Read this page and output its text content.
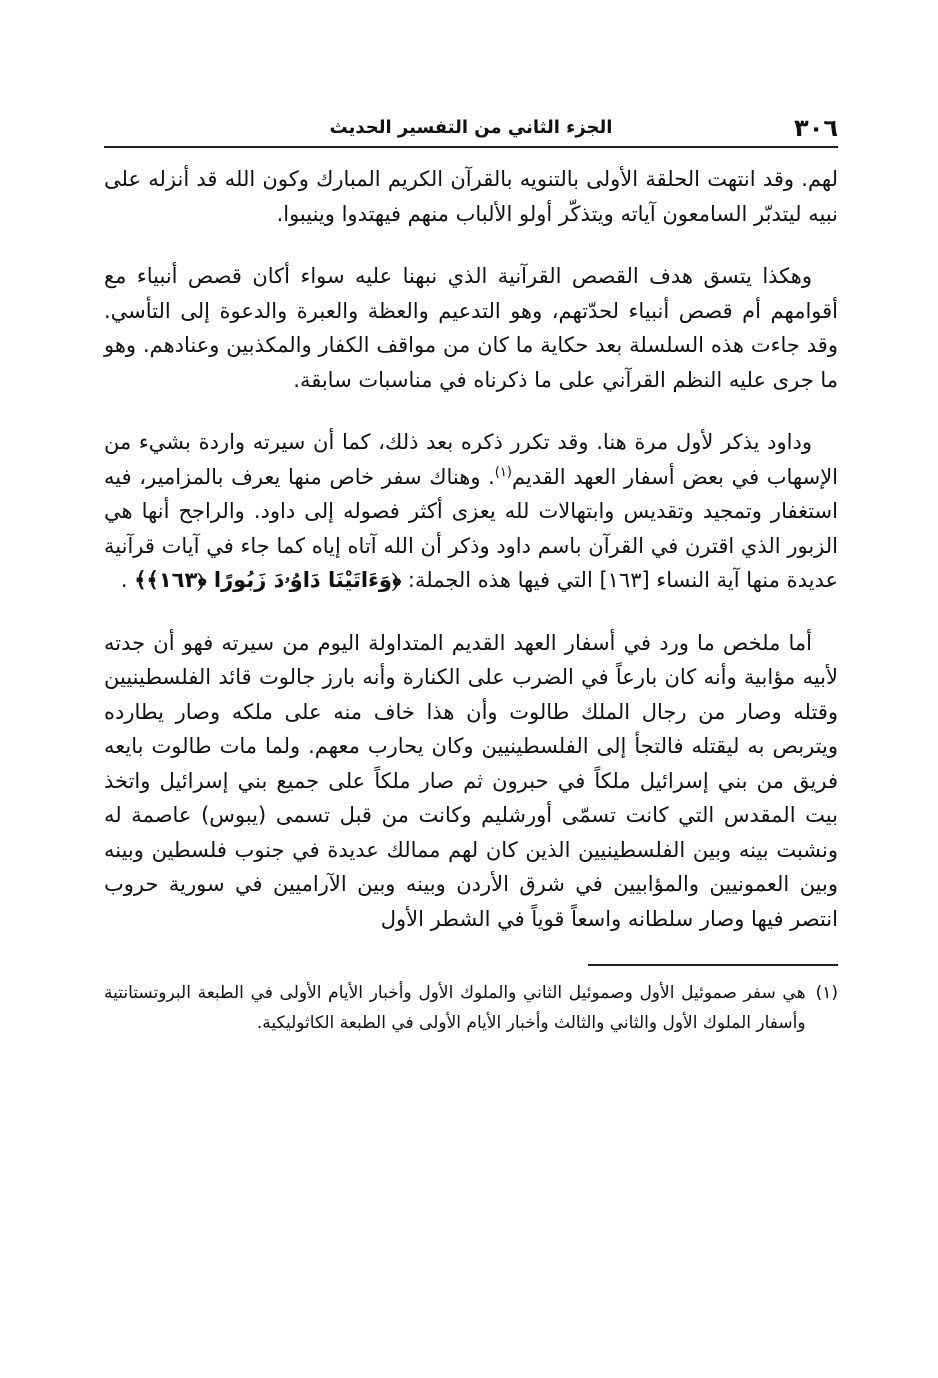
٣٠٦
الجزء الثاني من التفسير الحديث

لهم. وقد انتهت الحلقة الأولى بالتنويه بالقرآن الكريم المبارك وكون الله قد أنزله على نبيه ليتدبّر السامعون آياته ويتذكّر أولو الألباب منهم فيهتدوا وينيبوا.

وهكذا يتسق هدف القصص القرآنية الذي نبهنا عليه سواء أكان قصص أنبياء مع أقوامهم أم قصص أنبياء لحدّتهم، وهو التدعيم والعظة والعبرة والدعوة إلى التأسي. وقد جاءت هذه السلسلة بعد حكاية ما كان من مواقف الكفار والمكذبين وعنادهم. وهو ما جرى عليه النظم القرآني على ما ذكرناه في مناسبات سابقة.

وداود يذكر لأول مرة هنا. وقد تكرر ذكره بعد ذلك، كما أن سيرته واردة بشيء من الإسهاب في بعض أسفار العهد القديم$^{(١)}$. وهناك سفر خاص منها يعرف بالمزامير، فيه استغفار وتمجيد وتقديس وابتهالات لله يعزى أكثر فصوله إلى داود. والراجح أنها هي الزبور الذي اقترن في القرآن باسم داود وذكر أن الله آتاه إياه كما جاء في آيات قرآنية عديدة منها آية النساء [١٦٣] التي فيها هذه الجملة: ﴿وَءَاتَيْنَا دَاوُۥدَ زَبُورًا ﴿١٦٣﴾﴾ .

أما ملخص ما ورد في أسفار العهد القديم المتداولة اليوم من سيرته فهو أن جدته لأبيه مؤابية وأنه كان بارعاً في الضرب على الكنارة وأنه بارز جالوت قائد الفلسطينيين وقتله وصار من رجال الملك طالوت وأن هذا خاف منه على ملكه وصار يطارده ويتربص به ليقتله فالتجأ إلى الفلسطينيين وكان يحارب معهم. ولما مات طالوت بايعه فريق من بني إسرائيل ملكاً في حبرون ثم صار ملكاً على جميع بني إسرائيل واتخذ بيت المقدس التي كانت تسمّى أورشليم وكانت من قبل تسمى (يبوس) عاصمة له ونشبت بينه وبين الفلسطينيين الذين كان لهم ممالك عديدة في جنوب فلسطين وبينه وبين العمونيين والمؤابيين في شرق الأردن وبينه وبين الآراميين في سورية حروب انتصر فيها وصار سلطانه واسعاً قوياً في الشطر الأول

(١)
هي سفر صموئيل الأول وصموئيل الثاني والملوك الأول وأخبار الأيام الأولى في الطبعة البروتستانتية وأسفار الملوك الأول والثاني والثالث وأخبار الأيام الأولى في الطبعة الكاثوليكية.
